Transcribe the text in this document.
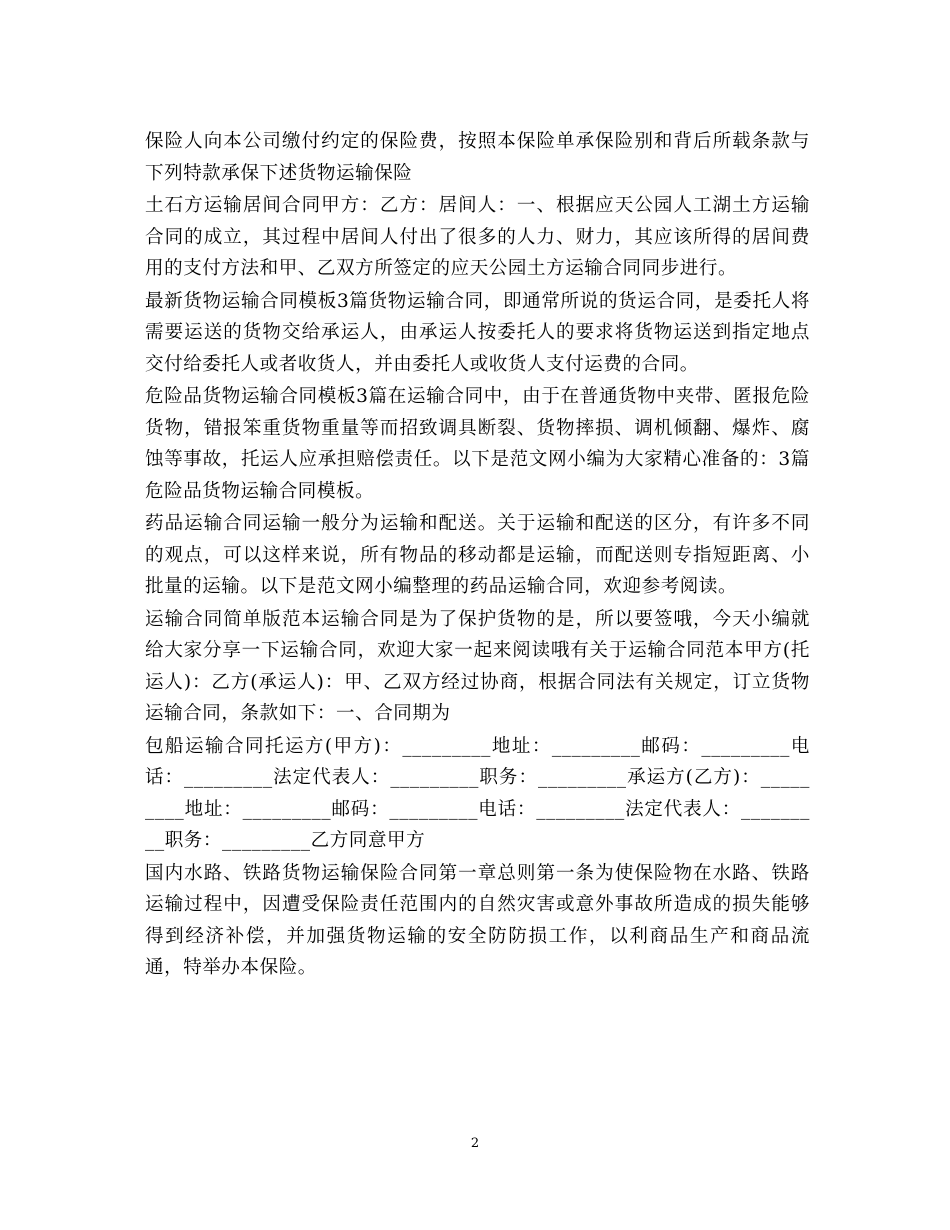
保险人向本公司缴付约定的保险费，按照本保险单承保险别和背后所载条款与下列特款承保下述货物运输保险

土石方运输居间合同甲方：乙方：居间人：一、根据应天公园人工湖土方运输合同的成立，其过程中居间人付出了很多的人力、财力，其应该所得的居间费用的支付方法和甲、乙双方所签定的应天公园土方运输合同同步进行。

最新货物运输合同模板3篇货物运输合同，即通常所说的货运合同，是委托人将需要运送的货物交给承运人，由承运人按委托人的要求将货物运送到指定地点交付给委托人或者收货人，并由委托人或收货人支付运费的合同。

危险品货物运输合同模板3篇在运输合同中，由于在普通货物中夹带、匿报危险货物，错报笨重货物重量等而招致调具断裂、货物摔损、调机倾翻、爆炸、腐蚀等事故，托运人应承担赔偿责任。以下是范文网小编为大家精心准备的：3篇危险品货物运输合同模板。

药品运输合同运输一般分为运输和配送。关于运输和配送的区分，有许多不同的观点，可以这样来说，所有物品的移动都是运输，而配送则专指短距离、小批量的运输。以下是范文网小编整理的药品运输合同，欢迎参考阅读。

运输合同简单版范本运输合同是为了保护货物的是，所以要签哦，今天小编就给大家分享一下运输合同，欢迎大家一起来阅读哦有关于运输合同范本甲方(托运人)：乙方(承运人)：甲、乙双方经过协商，根据合同法有关规定，订立货物运输合同，条款如下：一、合同期为

包船运输合同托运方(甲方)：_________地址：_________邮码：_________电话：_________法定代表人：_________职务：_________承运方(乙方)：_________地址：_________邮码：_________电话：_________法定代表人：_________职务：_________乙方同意甲方

国内水路、铁路货物运输保险合同第一章总则第一条为使保险物在水路、铁路运输过程中，因遭受保险责任范围内的自然灾害或意外事故所造成的损失能够得到经济补偿，并加强货物运输的安全防防损工作，以利商品生产和商品流通，特举办本保险。

2
